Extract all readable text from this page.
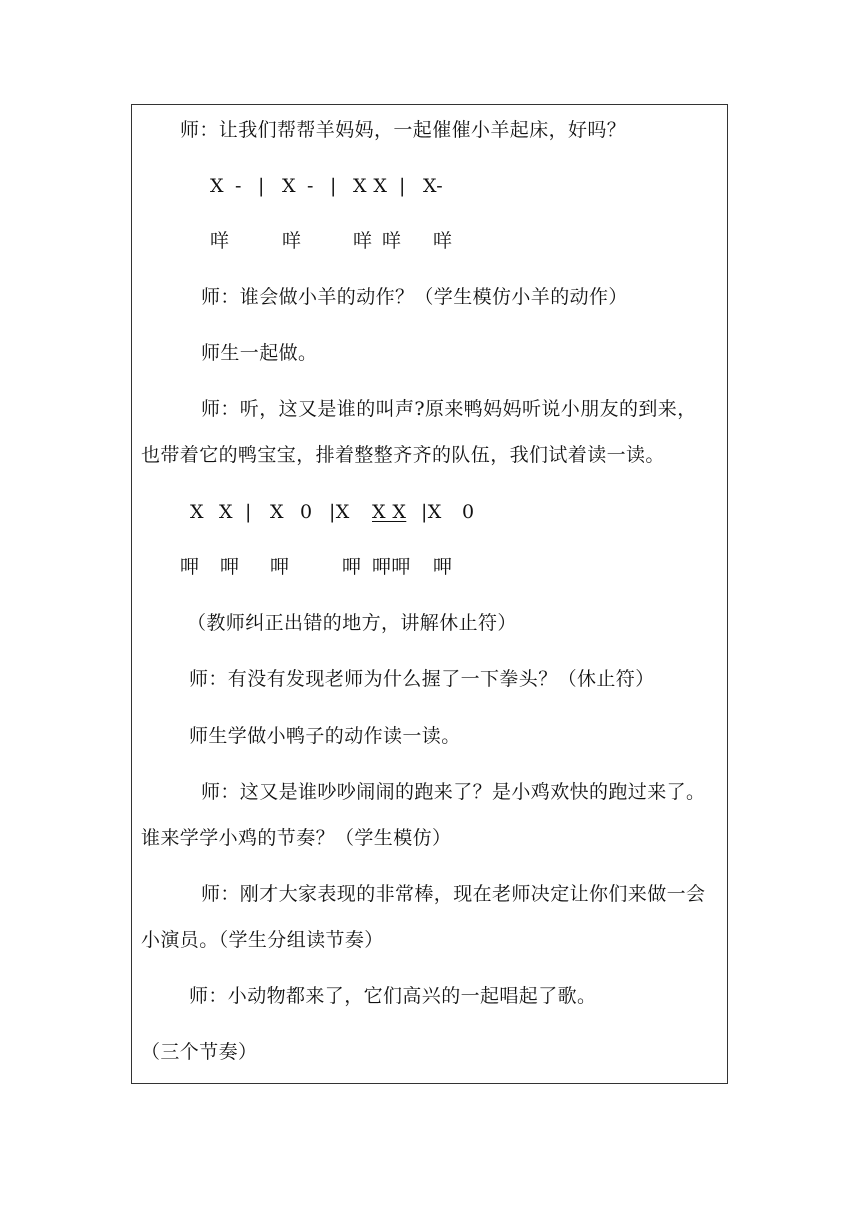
师：让我们帮帮羊妈妈，一起催催小羊起床，好吗？
X - | X - | X X | X-
咩	咩	咩 咩 咩
师：谁会做小羊的动作？（学生模仿小羊的动作）
师生一起做。
师：听，这又是谁的叫声?原来鸭妈妈听说小朋友的到来，
也带着它的鸭宝宝，排着整整齐齐的队伍，我们试着读一读。
X X | X 0 |X X X |X 0
呷 呷 呷	呷 呷呷 呷
（教师纠正出错的地方，讲解休止符）
师：有没有发现老师为什么握了一下拳头？（休止符）
师生学做小鸭子的动作读一读。
师：这又是谁吵吵闹闹的跑来了？是小鸡欢快的跑过来了。
谁来学学小鸡的节奏？（学生模仿）
师：刚才大家表现的非常棒，现在老师决定让你们来做一会
小演员。（学生分组读节奏）
师：小动物都来了，它们高兴的一起唱起了歌。
（三个节奏）
